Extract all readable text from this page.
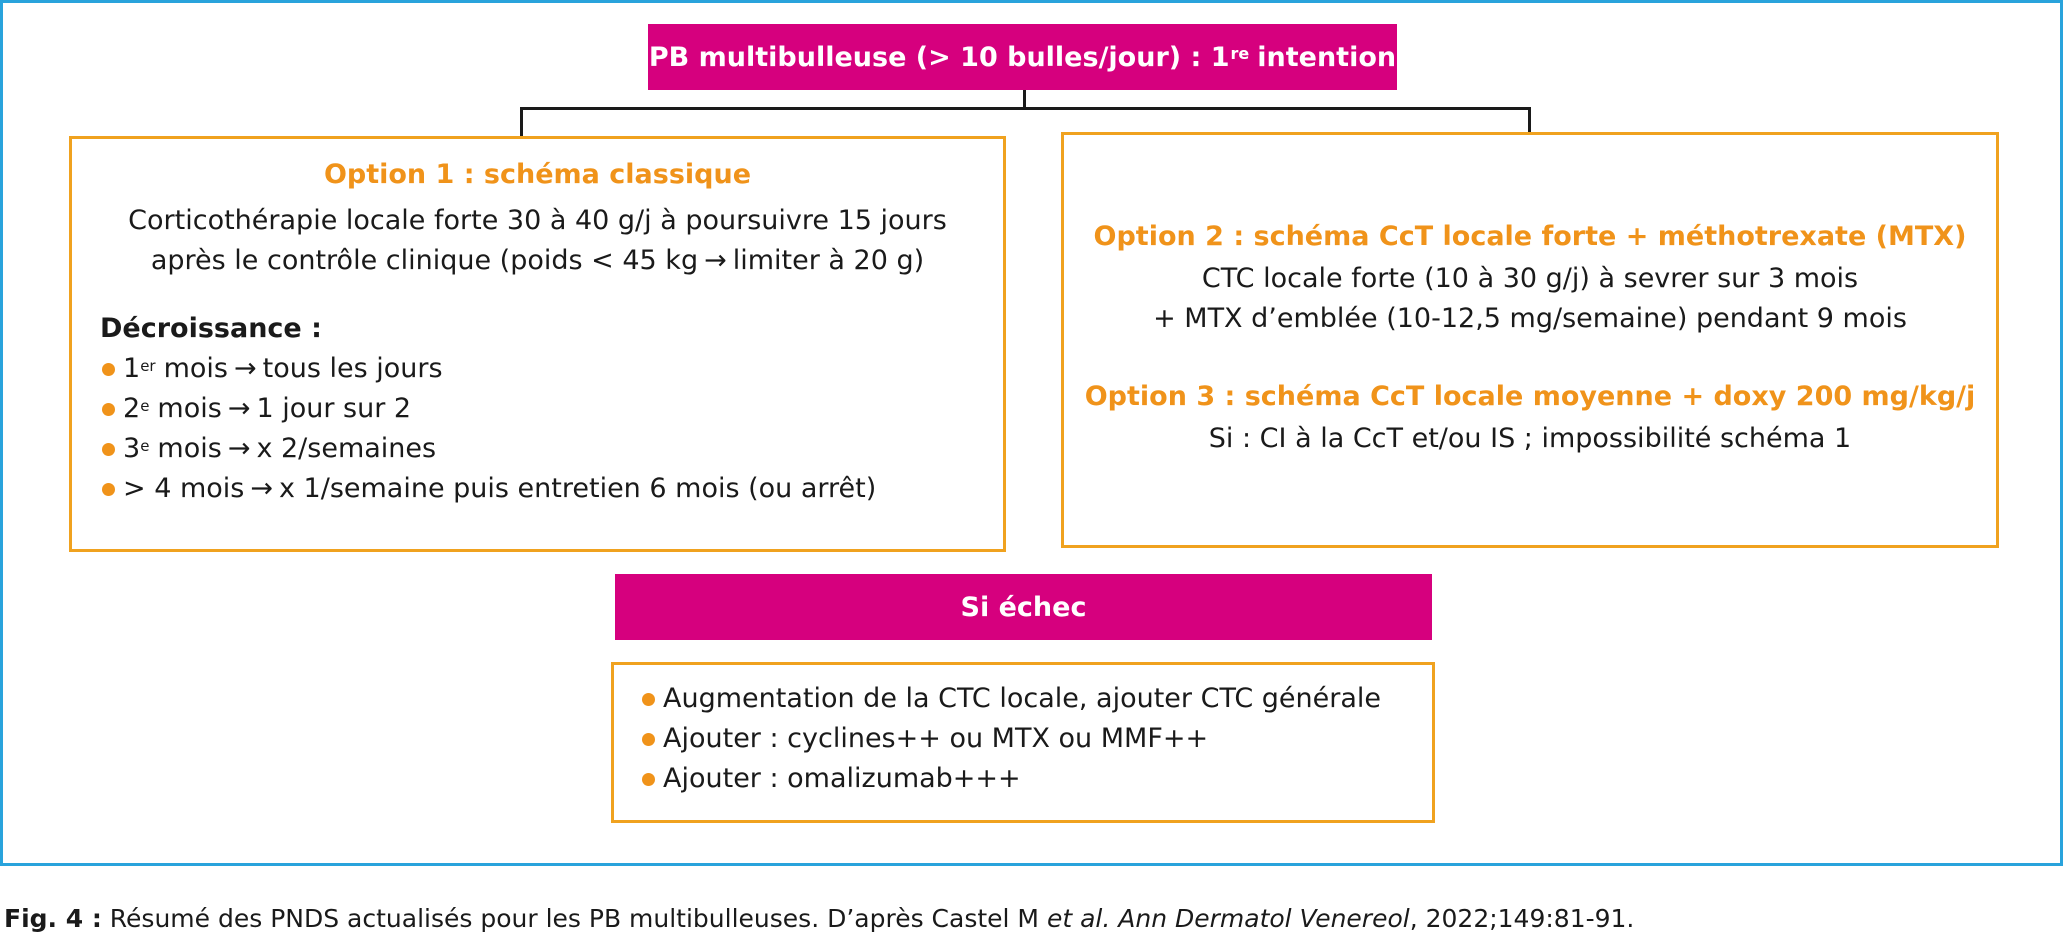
PB multibulleuse (> 10 bulles/jour) : 1re intention
Option 1 : schéma classique
Corticothérapie locale forte 30 à 40 g/j à poursuivre 15 jours
après le contrôle clinique (poids < 45 kg → limiter à 20 g)
Décroissance :
1er mois → tous les jours
2e mois → 1 jour sur 2
3e mois → x 2/semaines
> 4 mois → x 1/semaine puis entretien 6 mois (ou arrêt)
Option 2 : schéma CcT locale forte + méthotrexate (MTX)
CTC locale forte (10 à 30 g/j) à sevrer sur 3 mois
+ MTX d’emblée (10-12,5 mg/semaine) pendant 9 mois
Option 3 : schéma CcT locale moyenne + doxy 200 mg/kg/j
Si : CI à la CcT et/ou IS ; impossibilité schéma 1
Si échec
Augmentation de la CTC locale, ajouter CTC générale
Ajouter : cyclines++ ou MTX ou MMF++
Ajouter : omalizumab+++
Fig. 4 : Résumé des PNDS actualisés pour les PB multibulleuses. D’après Castel M et al. Ann Dermatol Venereol, 2022;149:81-91.
